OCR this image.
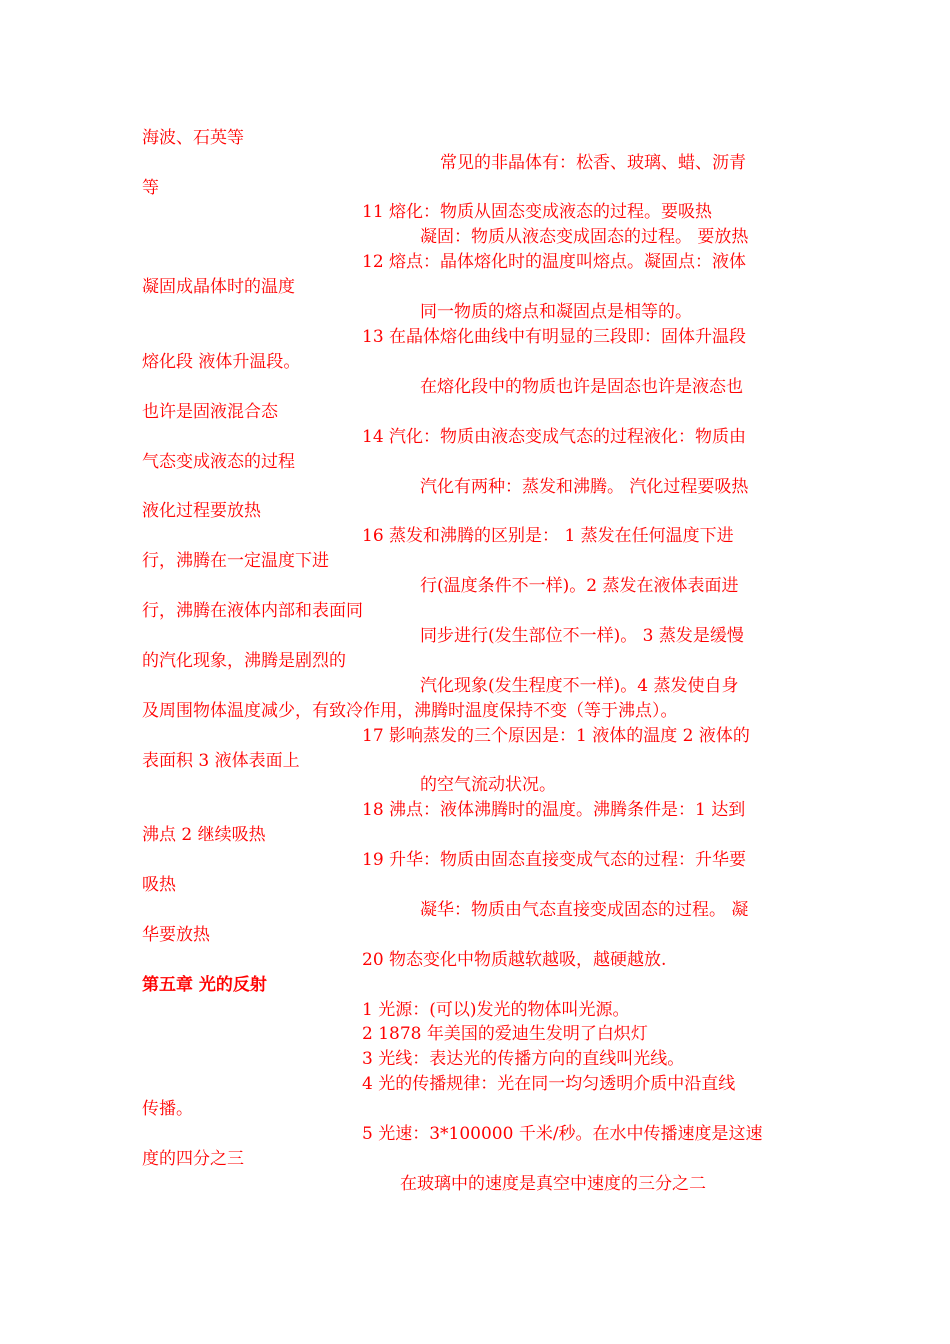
海波、石英等
常见的非晶体有：松香、玻璃、蜡、沥青
等
11 熔化：物质从固态变成液态的过程。要吸热
凝固：物质从液态变成固态的过程。 要放热
12 熔点：晶体熔化时的温度叫熔点。凝固点：液体
凝固成晶体时的温度
同一物质的熔点和凝固点是相等的。
13 在晶体熔化曲线中有明显的三段即：固体升温段
熔化段 液体升温段。
在熔化段中的物质也许是固态也许是液态也
也许是固液混合态
14 汽化：物质由液态变成气态的过程液化：物质由
气态变成液态的过程
汽化有两种：蒸发和沸腾。 汽化过程要吸热
液化过程要放热
16 蒸发和沸腾的区别是： 1 蒸发在任何温度下进
行，沸腾在一定温度下进
行(温度条件不一样)。2 蒸发在液体表面进
行，沸腾在液体内部和表面同
同步进行(发生部位不一样)。 3 蒸发是缓慢
的汽化现象，沸腾是剧烈的
汽化现象(发生程度不一样)。4 蒸发使自身
及周围物体温度减少，有致冷作用，沸腾时温度保持不变（等于沸点）。
17 影响蒸发的三个原因是：1 液体的温度 2 液体的
表面积 3 液体表面上
的空气流动状况。
18 沸点：液体沸腾时的温度。沸腾条件是：1 达到
沸点 2 继续吸热
19 升华：物质由固态直接变成气态的过程：升华要
吸热
凝华：物质由气态直接变成固态的过程。 凝
华要放热
20 物态变化中物质越软越吸，越硬越放.
第五章 光的反射
1 光源：(可以)发光的物体叫光源。
2 1878 年美国的爱迪生发明了白炽灯
3 光线：表达光的传播方向的直线叫光线。
4 光的传播规律：光在同一均匀透明介质中沿直线
传播。
5 光速：3*100000 千米/秒。在水中传播速度是这速
度的四分之三
在玻璃中的速度是真空中速度的三分之二
